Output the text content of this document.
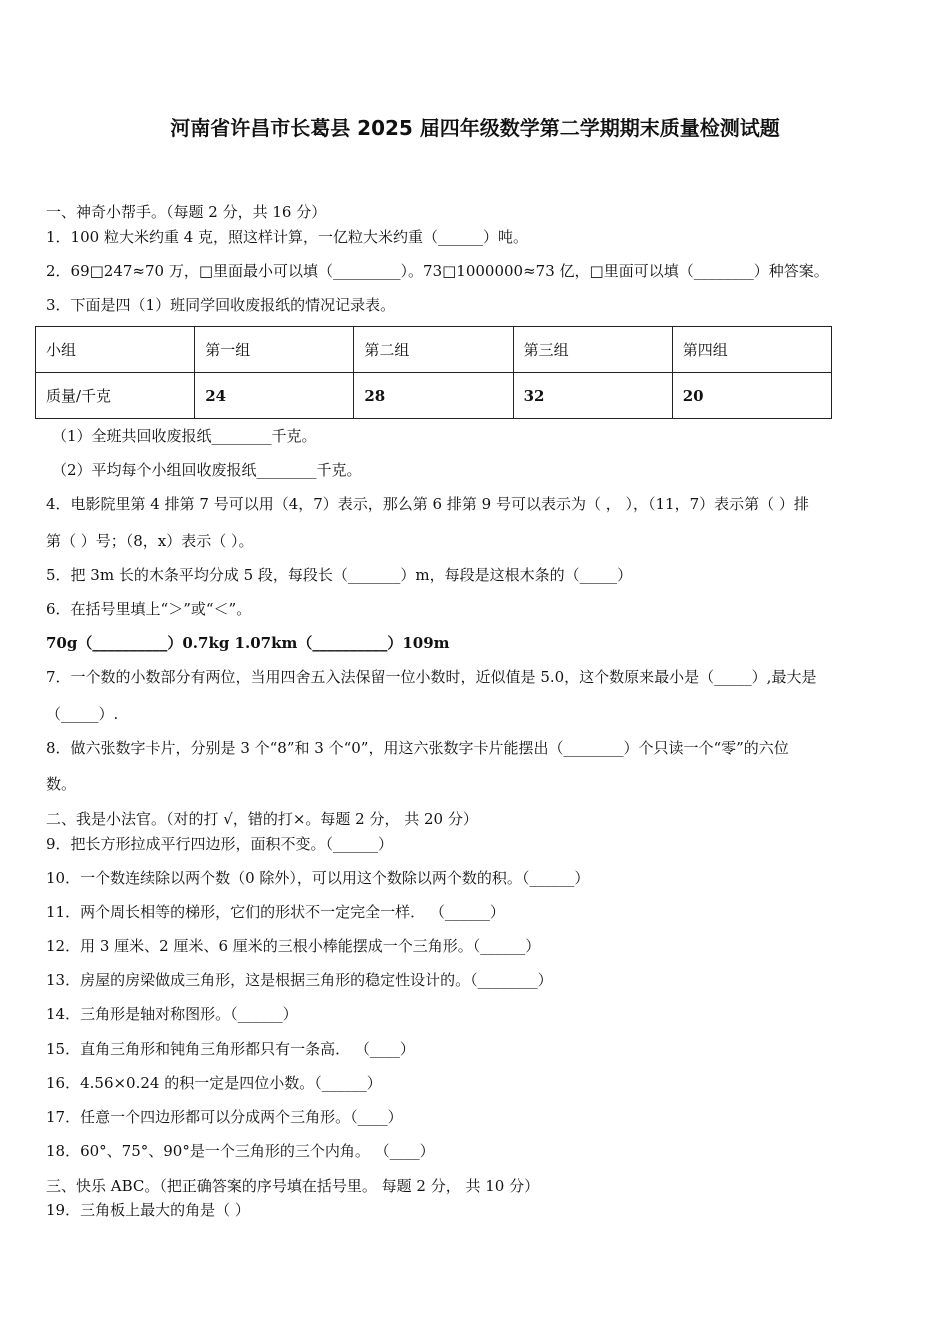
河南省许昌市长葛县 2025 届四年级数学第二学期期末质量检测试题
一、神奇小帮手。（每题 2 分，共 16 分）
1．100 粒大米约重 4 克，照这样计算，一亿粒大米约重（______）吨。
2．69□247≈70 万，□里面最小可以填（_________）。73□1000000≈73 亿，□里面可以填（________）种答案。
3．下面是四（1）班同学回收废报纸的情况记录表。
小组	第一组	第二组	第三组	第四组
质量/千克	24	28	32	20
（1）全班共回收废报纸________千克。
（2）平均每个小组回收废报纸________千克。
4．电影院里第 4 排第 7 号可以用（4，7）表示，那么第 6 排第 9 号可以表示为（ ， ），（11，7）表示第（ ）排
第（ ）号；（8，x）表示（ ）。
5．把 3m 长的木条平均分成 5 段，每段长（_______）m，每段是这根木条的（_____）
6．在括号里填上“＞”或“＜”。
70g（__________）0.7kg 1.07km（__________）109m
7．一个数的小数部分有两位，当用四舍五入法保留一位小数时，近似值是 5.0，这个数原来最小是（_____）,最大是
（_____）.
8．做六张数字卡片，分别是 3 个“8”和 3 个“0”，用这六张数字卡片能摆出（________）个只读一个“零”的六位
数。
二、我是小法官。（对的打 √，错的打×。每题 2 分， 共 20 分）
9．把长方形拉成平行四边形，面积不变。（______）
10．一个数连续除以两个数（0 除外），可以用这个数除以两个数的积。（______）
11．两个周长相等的梯形，它们的形状不一定完全一样． （______）
12．用 3 厘米、2 厘米、6 厘米的三根小棒能摆成一个三角形。（______）
13．房屋的房梁做成三角形，这是根据三角形的稳定性设计的。（________）
14．三角形是轴对称图形。（______）
15．直角三角形和钝角三角形都只有一条高． （____）
16．4.56×0.24 的积一定是四位小数。（______）
17．任意一个四边形都可以分成两个三角形。（____）
18．60°、75°、90°是一个三角形的三个内角。 （____）
三、快乐 ABC。（把正确答案的序号填在括号里。 每题 2 分， 共 10 分）
19．三角板上最大的角是（ ）
